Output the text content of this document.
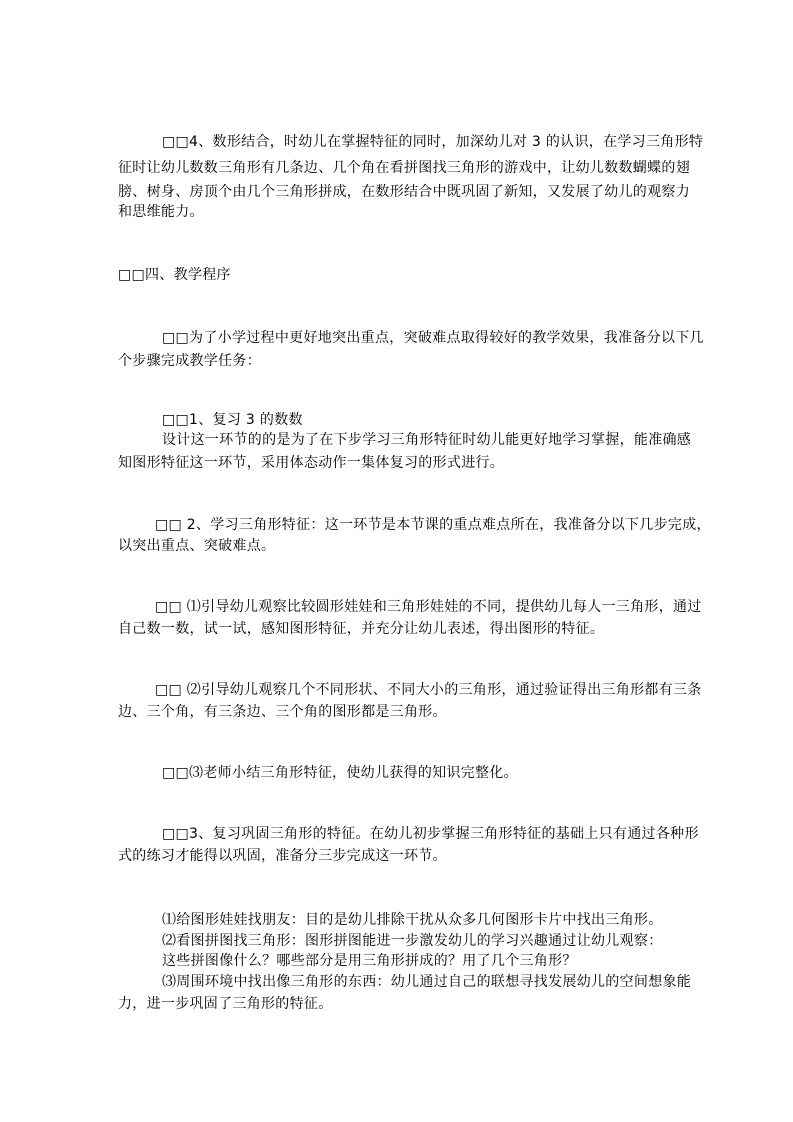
□□4、数形结合，时幼儿在掌握特征的同时，加深幼儿对 3 的认识，在学习三角形特
征时让幼儿数数三角形有几条边、几个角在看拼图找三角形的游戏中，让幼儿数数蝴蝶的翅
膀、树身、房顶个由几个三角形拼成，在数形结合中既巩固了新知，又发展了幼儿的观察力
和思维能力。
□□四、教学程序
□□为了小学过程中更好地突出重点，突破难点取得较好的教学效果，我准备分以下几
个步骤完成教学任务：
□□1、复习 3 的数数
设计这一环节的的是为了在下步学习三角形特征时幼儿能更好地学习掌握，能准确感
知图形特征这一环节，采用体态动作一集体复习的形式进行。
□□ 2、学习三角形特征：这一环节是本节课的重点难点所在，我准备分以下几步完成，
以突出重点、突破难点。
□□ ⑴引导幼儿观察比较圆形娃娃和三角形娃娃的不同，提供幼儿每人一三角形，通过
自己数一数，试一试，感知图形特征，并充分让幼儿表述，得出图形的特征。
□□ ⑵引导幼儿观察几个不同形状、不同大小的三角形，通过验证得出三角形都有三条
边、三个角，有三条边、三个角的图形都是三角形。
□□⑶老师小结三角形特征，使幼儿获得的知识完整化。
□□3、复习巩固三角形的特征。在幼儿初步掌握三角形特征的基础上只有通过各种形
式的练习才能得以巩固，准备分三步完成这一环节。
⑴给图形娃娃找朋友：目的是幼儿排除干扰从众多几何图形卡片中找出三角形。
⑵看图拼图找三角形：图形拼图能进一步激发幼儿的学习兴趣通过让幼儿观察：
这些拼图像什么？哪些部分是用三角形拼成的？用了几个三角形？
⑶周围环境中找出像三角形的东西：幼儿通过自己的联想寻找发展幼儿的空间想象能
力，进一步巩固了三角形的特征。
